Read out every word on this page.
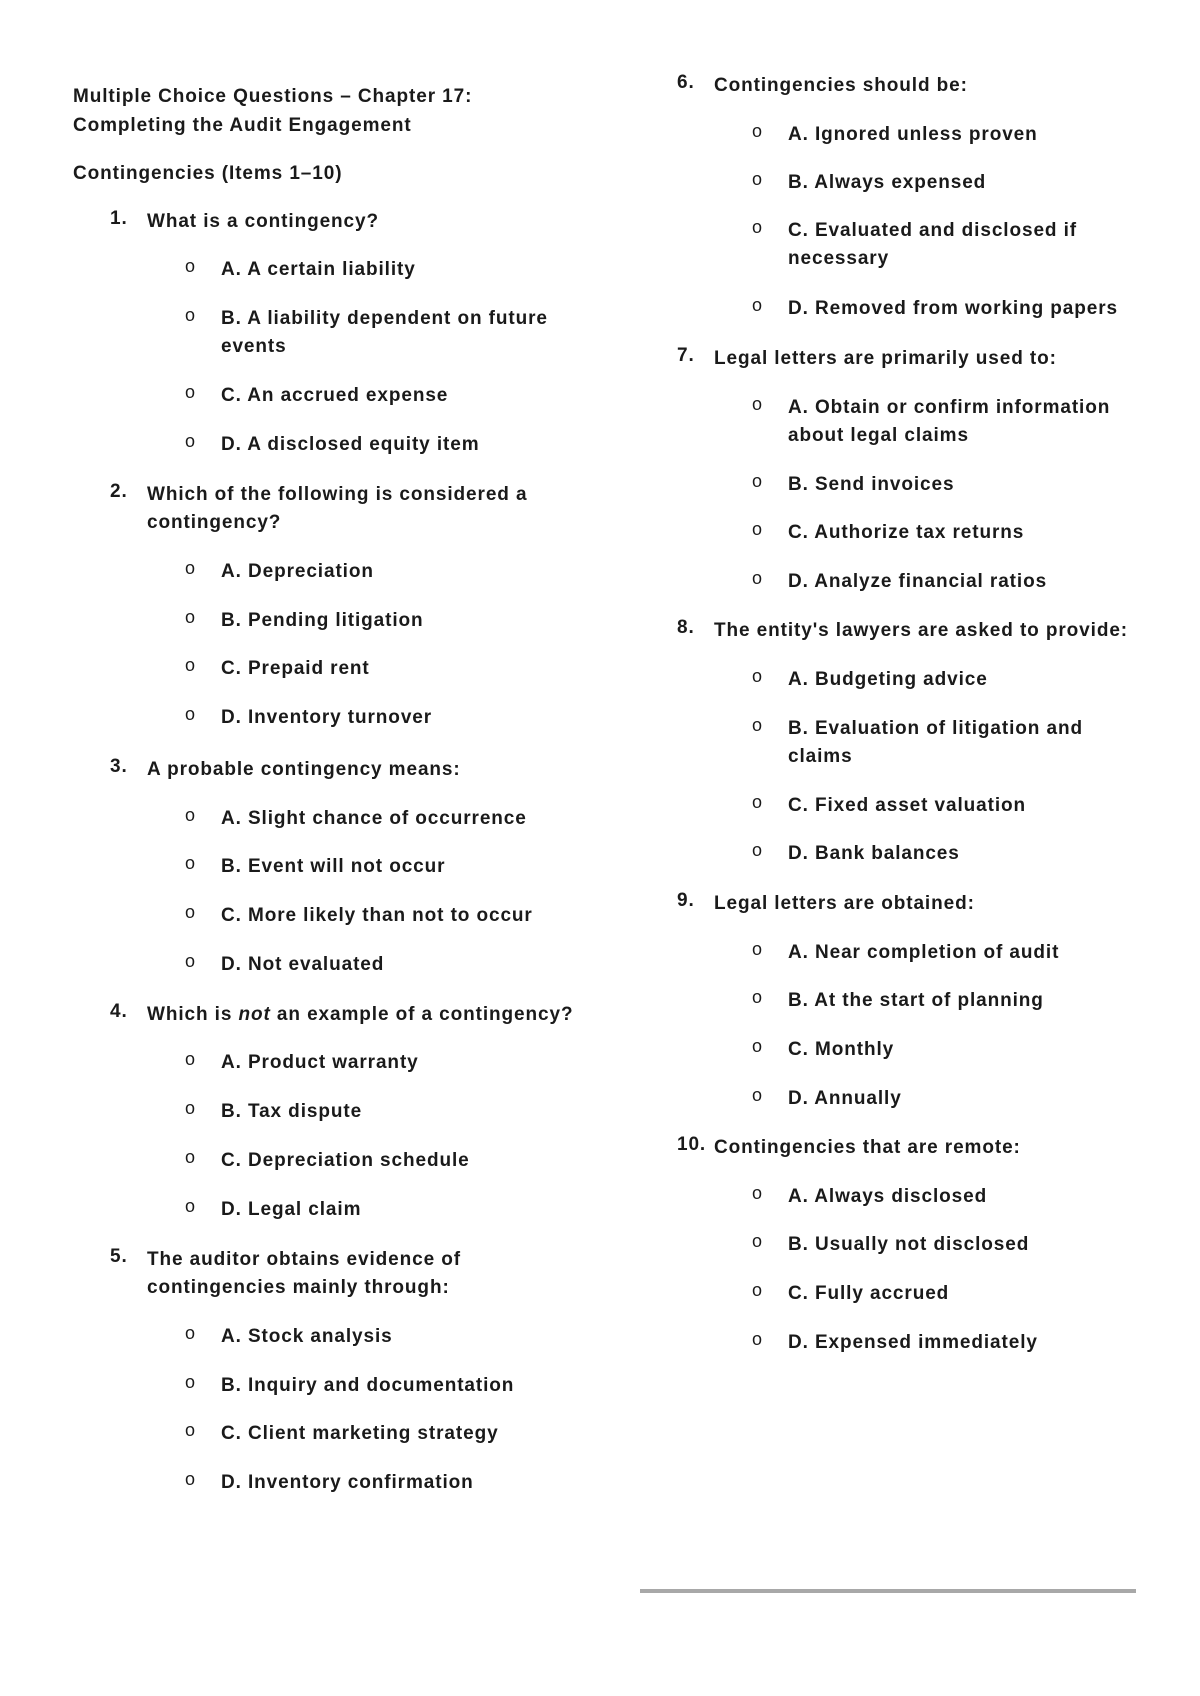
Multiple Choice Questions – Chapter 17:
Completing the Audit Engagement
Contingencies (Items 1–10)
1. What is a contingency?
o A. A certain liability
o B. A liability dependent on future events
o C. An accrued expense
o D. A disclosed equity item
2. Which of the following is considered a contingency?
o A. Depreciation
o B. Pending litigation
o C. Prepaid rent
o D. Inventory turnover
3. A probable contingency means:
o A. Slight chance of occurrence
o B. Event will not occur
o C. More likely than not to occur
o D. Not evaluated
4. Which is not an example of a contingency?
o A. Product warranty
o B. Tax dispute
o C. Depreciation schedule
o D. Legal claim
5. The auditor obtains evidence of contingencies mainly through:
o A. Stock analysis
o B. Inquiry and documentation
o C. Client marketing strategy
o D. Inventory confirmation
6. Contingencies should be:
o A. Ignored unless proven
o B. Always expensed
o C. Evaluated and disclosed if necessary
o D. Removed from working papers
7. Legal letters are primarily used to:
o A. Obtain or confirm information about legal claims
o B. Send invoices
o C. Authorize tax returns
o D. Analyze financial ratios
8. The entity's lawyers are asked to provide:
o A. Budgeting advice
o B. Evaluation of litigation and claims
o C. Fixed asset valuation
o D. Bank balances
9. Legal letters are obtained:
o A. Near completion of audit
o B. At the start of planning
o C. Monthly
o D. Annually
10. Contingencies that are remote:
o A. Always disclosed
o B. Usually not disclosed
o C. Fully accrued
o D. Expensed immediately
